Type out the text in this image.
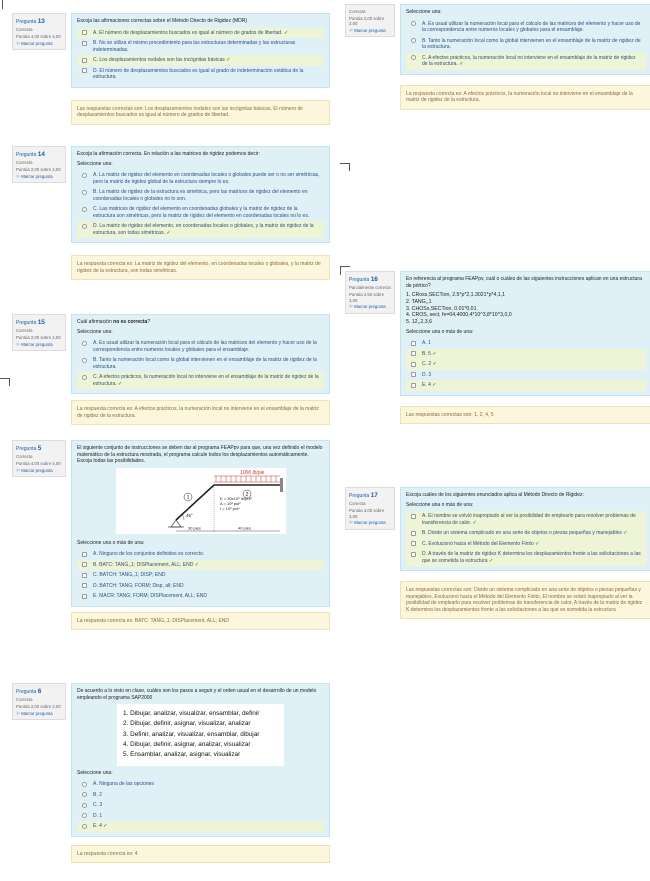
Pregunta 13
Correcta
Puntúa 4,00 sobre 4,00
⚐ Marcar pregunta

Escoja las afirmaciones correctas sobre el Método Directo de Rigidez (MDR)

A. El número de desplazamientos buscados es igual al número de grados de libertad. ✓
B. No se utiliza el mismo procedimiento para las estructuras determinadas y las estructuras indeterminadas.
C. Los desplazamientos nodales son las incógnitas básicas ✓
D. El número de desplazamientos buscados es igual al grado de indeterminación estática de la estructura.
Las respuestas correctas son: Los desplazamientos nodales son las incógnitas básicas, El número de desplazamientos buscados es igual al número de grados de libertad.
Pregunta 14
Correcta
Puntúa 2,00 sobre 2,00
⚐ Marcar pregunta

Escoja la afirmación correcta. En relación a las matrices de rigidez podemos decir:

Seleccione una:

A. La matriz de rigidez del elemento en coordenadas locales o globales puede ser o no ser simétricas, pero la matriz de rigidez global de la estructura siempre lo es.
B. La matriz de rigidez de la estructura es simétrica, pero las matrices de rigidez del elemento en coordenadas locales o globales no lo son.
C. Las matrices de rigidez del elemento en coordenadas globales y la matriz de rigidez de la estructura son simétricas, pero la matriz de rigidez del elemento en coordenadas locales no lo es.
D. La matriz de rigidez del elemento, en coordenadas locales o globales, y la matriz de rigidez de la estructura, son todas simétricas. ✓
La respuesta correcta es: La matriz de rigidez del elemento, en coordenadas locales o globales, y la matriz de rigidez de la estructura, son todas simétricas.
Pregunta 15
Correcta
Puntúa 2,00 sobre 2,00
⚐ Marcar pregunta

Cuál afirmación no es correcta?

Seleccione una:

A. Es usual utilizar la numeración local para el cálculo de las matrices del elemento y hacer uso de la correspondencia entre numeros locales y globales para el ensamblaje.
B. Tanto la numeración local como la global intervienen en el ensamblaje de la matriz de rigidez de la estructura.
C. A efectos prácticos, la numeración local no interviene en el ensamblaje de la matriz de rigidez de la estructura. ✓
La respuesta correcta es: A efectos prácticos, la numeración local no interviene en el ensamblaje de la matriz de rigidez de la estructura.
Pregunta 5
Correcta
Puntúa 4,00 sobre 4,00
⚐ Marcar pregunta

El siguiente conjunto de instrucciones se deben dar al programa FEAPpv para que, una vez definido el modelo matemático de la estructura mostrada, el programa calcule todos los desplazamientos automáticamente. Escoja todas las posibilidades.

1000 lb/pie
45°
1	2
E = 30x10⁶ lb/pul²
A = 10² pul²
I = 10³ pul⁴
30 pies	40 pies

Seleccione una o más de una:

A. Ninguno de los conjuntos definidos es correcto.
B. BATC: TANG,,1; DISPlacement, ALL; END ✓
C. BATCH: TANG,,1; DISP; END
D. BATCH: TANG; FORM; Disp, all; END
E. MACR: TANG; FORM; DISPlacement, ALL; END
La respuesta correcta es: BATC: TANG,,1; DISPlacement, ALL; END
Pregunta 6
Correcta
Puntúa 2,00 sobre 2,00
⚐ Marcar pregunta

De acuerdo a lo visto en clase, cuáles son los pasos a seguir y el orden usual en el desarrollo de un modelo empleando el programa SAP2000

1. Dibujar, analizar, visualizar, ensamblar, definir
2. Dibujar, definir, asignar, visualizar, analizar
3. Definir, analizar, visualizar, ensamblar, dibujar
4. Dibujar, definir, asignar, analizar, visualizar
5. Ensamblar, analizar, asignar, visualizar

Seleccione una:

A. Ninguna de las opciones
B. 2
C. 3
D. 1
E. 4 ✓
La respuesta correcta es: 4
Correcta
Puntúa 2,00 sobre 2,00
⚐ Marcar pregunta

Seleccione una:

A. Es usual utilizar la numeración local para el cálculo de las matrices del elemento y hacer uso de la correspondencia entre numeros locales y globales para el ensamblaje.
B. Tanto la numeración local como la global intervienen en el ensamblaje de la matriz de rigidez de la estructura.
C. A efectos prácticos, la numeración local no interviene en el ensamblaje de la matriz de rigidez de la estructura. ✓
La respuesta correcta es: A efectos prácticos, la numeración local no interviene en el ensamblaje de la matriz de rigidez de la estructura.
Pregunta 16
Parcialmente correcta
Puntúa 2,50 sobre 3,00
⚐ Marcar pregunta

En referencia al programa FEAPpv, cuál o cuáles de las siguientes instrucciones aplican en una estructura de pórtico?

1. CRoss,SECTion, 2.5*p*2,1.3021*p*4,1,1
2. TANG,,1
3. CHOSs,SECTion, 0.01*0.01
4. CROS, sect, fe=04,4000,4*10^3,8*10^3,0,0
5. 12,,2,3,6

Seleccione una o más de una:

A. 1
B. 5 ✓
C. 2 ✓
D. 3
E. 4 ✓
Las respuestas correctas son: 1, 2, 4, 5
Pregunta 17
Correcta
Puntúa 3,00 sobre 3,00
⚐ Marcar pregunta

Escoja cuáles de los siguientes enunciados aplica al Método Directo de Rigidez:

Seleccione una o más de una:

A. El nombre se volvió inapropiado al ver la posibilidad de emplearlo para resolver problemas de transferencia de calor. ✓
B. Divide un sistema complicado en una serie de objetos o piezas pequeñas y manejables ✓
C. Evolucionó hacia el Método del Elemento Finito ✓
D. A través de la matriz de rigidez K determina los desplazamientos frente a las solicitaciones a las que se sometida la estructura ✓
Las respuestas correctas son: Divide un sistema complicado en una serie de objetos o piezas pequeñas y manejables, Evolucionó hacia el Método del Elemento Finito, El nombre se volvió inapropiado al ver la posibilidad de emplearlo para resolver problemas de transferencia de calor, A través de la matriz de rigidez K determina los desplazamientos frente a las solicitaciones a las que se sometida la estructura
